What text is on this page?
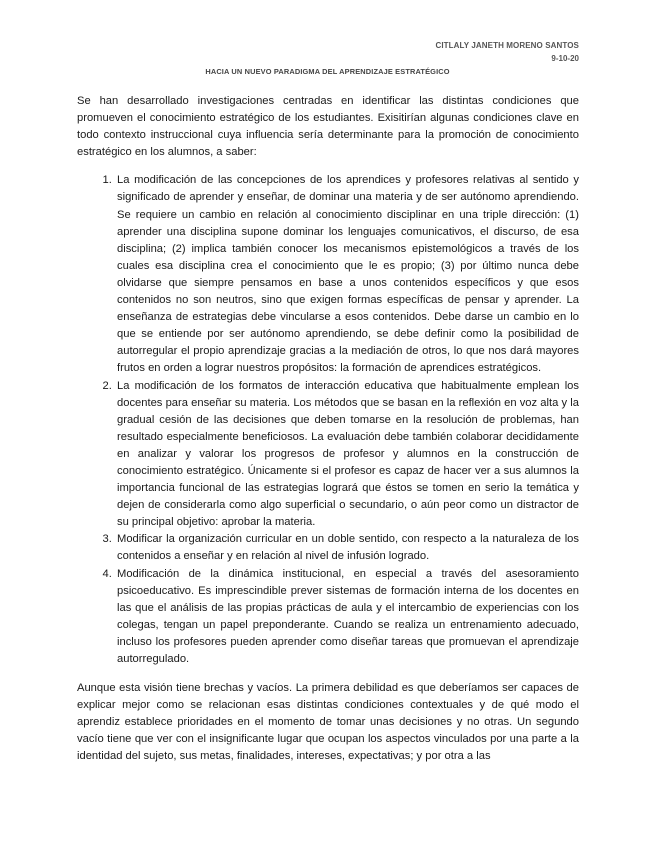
CITLALY JANETH MORENO SANTOS
9-10-20
HACIA UN NUEVO PARADIGMA DEL APRENDIZAJE ESTRATÉGICO

Se han desarrollado investigaciones centradas en identificar las distintas condiciones que promueven el conocimiento estratégico de los estudiantes. Exisitirían algunas condiciones clave en todo contexto instruccional cuya influencia sería determinante para la promoción de conocimiento estratégico en los alumnos, a saber:

1. La modificación de las concepciones de los aprendices y profesores relativas al sentido y significado de aprender y enseñar, de dominar una materia y de ser autónomo aprendiendo. Se requiere un cambio en relación al conocimiento disciplinar en una triple dirección: (1) aprender una disciplina supone dominar los lenguajes comunicativos, el discurso, de esa disciplina; (2) implica también conocer los mecanismos epistemológicos a través de los cuales esa disciplina crea el conocimiento que le es propio; (3) por último nunca debe olvidarse que siempre pensamos en base a unos contenidos específicos y que esos contenidos no son neutros, sino que exigen formas específicas de pensar y aprender. La enseñanza de estrategias debe vincularse a esos contenidos. Debe darse un cambio en lo que se entiende por ser autónomo aprendiendo, se debe definir como la posibilidad de autorregular el propio aprendizaje gracias a la mediación de otros, lo que nos dará mayores frutos en orden a lograr nuestros propósitos: la formación de aprendices estratégicos.
2. La modificación de los formatos de interacción educativa que habitualmente emplean los docentes para enseñar su materia. Los métodos que se basan en la reflexión en voz alta y la gradual cesión de las decisiones que deben tomarse en la resolución de problemas, han resultado especialmente beneficiosos. La evaluación debe también colaborar decididamente en analizar y valorar los progresos de profesor y alumnos en la construcción de conocimiento estratégico. Únicamente si el profesor es capaz de hacer ver a sus alumnos la importancia funcional de las estrategias logrará que éstos se tomen en serio la temática y dejen de considerarla como algo superficial o secundario, o aún peor como un distractor de su principal objetivo: aprobar la materia.
3. Modificar la organización curricular en un doble sentido, con respecto a la naturaleza de los contenidos a enseñar y en relación al nivel de infusión logrado.
4. Modificación de la dinámica institucional, en especial a través del asesoramiento psicoeducativo. Es imprescindible prever sistemas de formación interna de los docentes en las que el análisis de las propias prácticas de aula y el intercambio de experiencias con los colegas, tengan un papel preponderante. Cuando se realiza un entrenamiento adecuado, incluso los profesores pueden aprender como diseñar tareas que promuevan el aprendizaje autorregulado.

Aunque esta visión tiene brechas y vacíos. La primera debilidad es que deberíamos ser capaces de explicar mejor como se relacionan esas distintas condiciones contextuales y de qué modo el aprendiz establece prioridades en el momento de tomar unas decisiones y no otras. Un segundo vacío tiene que ver con el insignificante lugar que ocupan los aspectos vinculados por una parte a la identidad del sujeto, sus metas, finalidades, intereses, expectativas; y por otra a las
